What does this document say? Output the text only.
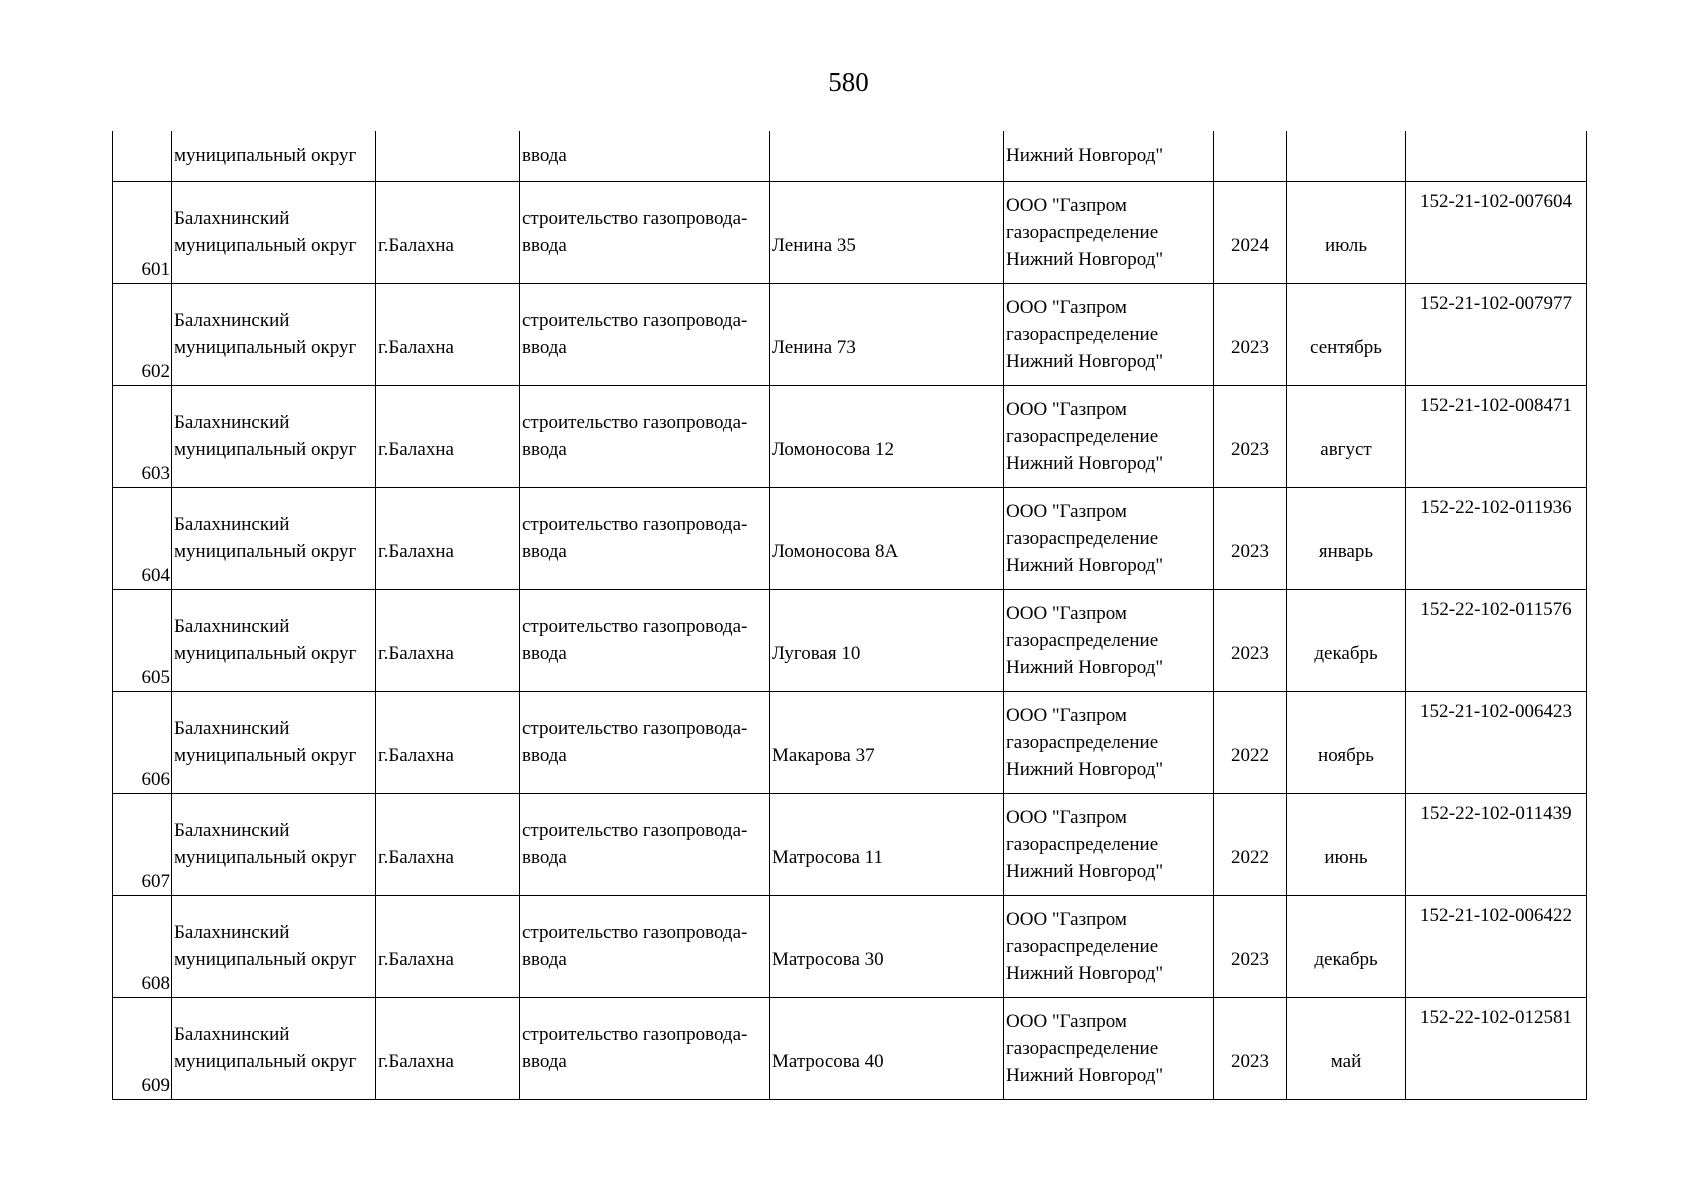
580
	муниципальный округ		ввода		Нижний Новгород"			
601	Балахнинский
муниципальный округ	г.Балахна	строительство газопровода-
ввода	Ленина 35	ООО "Газпром
газораспределение
Нижний Новгород"	2024	июль	152-21-102-007604
602	Балахнинский
муниципальный округ	г.Балахна	строительство газопровода-
ввода	Ленина 73	ООО "Газпром
газораспределение
Нижний Новгород"	2023	сентябрь	152-21-102-007977
603	Балахнинский
муниципальный округ	г.Балахна	строительство газопровода-
ввода	Ломоносова 12	ООО "Газпром
газораспределение
Нижний Новгород"	2023	август	152-21-102-008471
604	Балахнинский
муниципальный округ	г.Балахна	строительство газопровода-
ввода	Ломоносова 8А	ООО "Газпром
газораспределение
Нижний Новгород"	2023	январь	152-22-102-011936
605	Балахнинский
муниципальный округ	г.Балахна	строительство газопровода-
ввода	Луговая 10	ООО "Газпром
газораспределение
Нижний Новгород"	2023	декабрь	152-22-102-011576
606	Балахнинский
муниципальный округ	г.Балахна	строительство газопровода-
ввода	Макарова 37	ООО "Газпром
газораспределение
Нижний Новгород"	2022	ноябрь	152-21-102-006423
607	Балахнинский
муниципальный округ	г.Балахна	строительство газопровода-
ввода	Матросова 11	ООО "Газпром
газораспределение
Нижний Новгород"	2022	июнь	152-22-102-011439
608	Балахнинский
муниципальный округ	г.Балахна	строительство газопровода-
ввода	Матросова 30	ООО "Газпром
газораспределение
Нижний Новгород"	2023	декабрь	152-21-102-006422
609	Балахнинский
муниципальный округ	г.Балахна	строительство газопровода-
ввода	Матросова 40	ООО "Газпром
газораспределение
Нижний Новгород"	2023	май	152-22-102-012581
